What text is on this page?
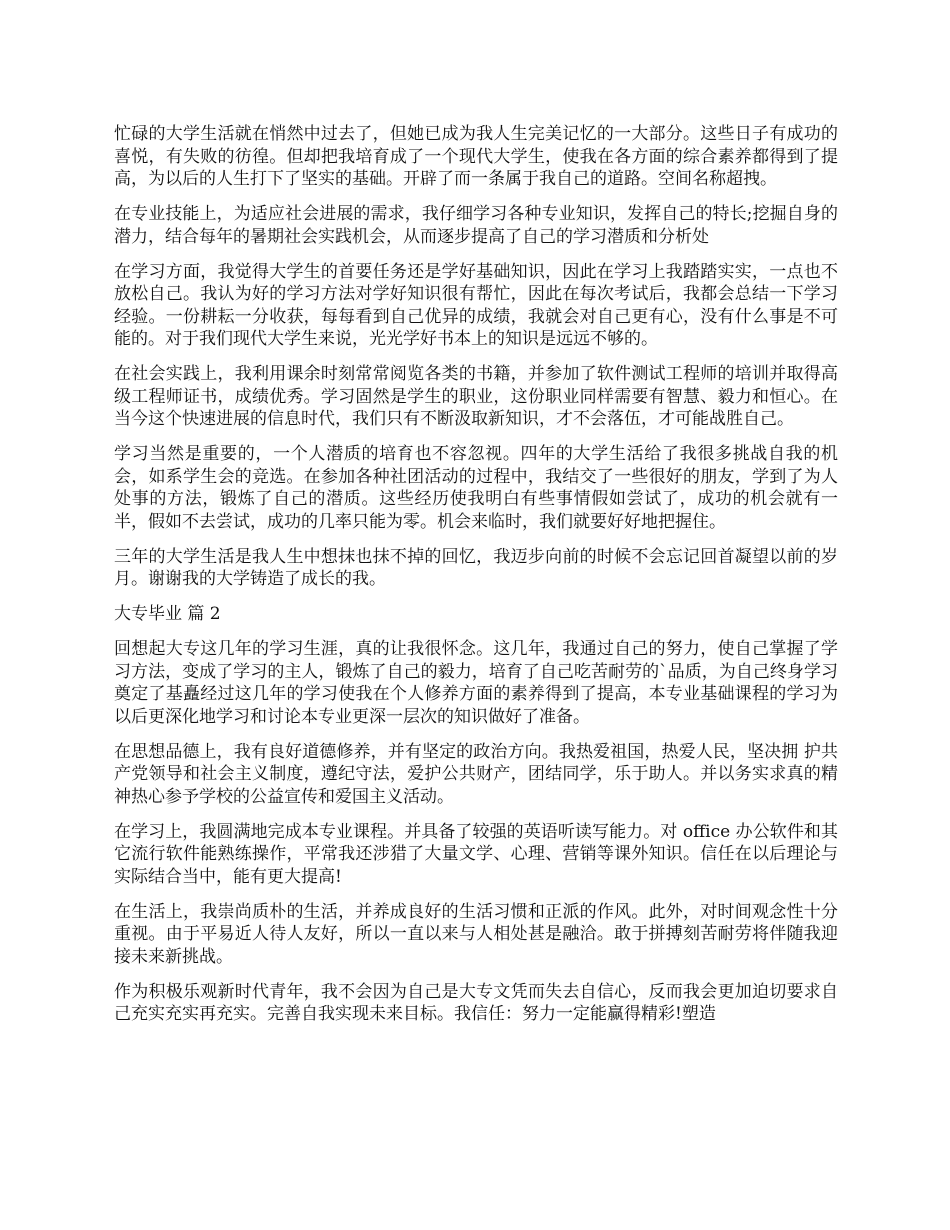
忙碌的大学生活就在悄然中过去了，但她已成为我人生完美记忆的一大部分。这些日子有成功的喜悦，有失败的彷徨。但却把我培育成了一个现代大学生，使我在各方面的综合素养都得到了提高，为以后的人生打下了坚实的基础。开辟了而一条属于我自己的道路。空间名称超拽。

在专业技能上，为适应社会进展的需求，我仔细学习各种专业知识，发挥自己的特长;挖掘自身的潜力，结合每年的暑期社会实践机会，从而逐步提高了自己的学习潜质和分析处

在学习方面，我觉得大学生的首要任务还是学好基础知识，因此在学习上我踏踏实实，一点也不放松自己。我认为好的学习方法对学好知识很有帮忙，因此在每次考试后，我都会总结一下学习经验。一份耕耘一分收获，每每看到自己优异的成绩，我就会对自己更有心，没有什么事是不可能的。对于我们现代大学生来说，光光学好书本上的知识是远远不够的。

在社会实践上，我利用课余时刻常常阅览各类的书籍，并参加了软件测试工程师的培训并取得高级工程师证书，成绩优秀。学习固然是学生的职业，这份职业同样需要有智慧、毅力和恒心。在当今这个快速进展的信息时代，我们只有不断汲取新知识，才不会落伍，才可能战胜自己。

学习当然是重要的，一个人潜质的培育也不容忽视。四年的大学生活给了我很多挑战自我的机会，如系学生会的竞选。在参加各种社团活动的过程中，我结交了一些很好的朋友，学到了为人处事的方法，锻炼了自己的潜质。这些经历使我明白有些事情假如尝试了，成功的机会就有一半，假如不去尝试，成功的几率只能为零。机会来临时，我们就要好好地把握住。

三年的大学生活是我人生中想抹也抹不掉的回忆，我迈步向前的时候不会忘记回首凝望以前的岁月。谢谢我的大学铸造了成长的我。

大专毕业 篇 2

回想起大专这几年的学习生涯，真的让我很怀念。这几年，我通过自己的努力，使自己掌握了学习方法，变成了学习的主人，锻炼了自己的毅力，培育了自己吃苦耐劳的`品质，为自己终身学习奠定了基矗经过这几年的学习使我在个人修养方面的素养得到了提高，本专业基础课程的学习为以后更深化地学习和讨论本专业更深一层次的知识做好了准备。

在思想品德上，我有良好道德修养，并有坚定的政治方向。我热爱祖国，热爱人民，坚决拥 护共产党领导和社会主义制度，遵纪守法，爱护公共财产，团结同学，乐于助人。并以务实求真的精神热心参予学校的公益宣传和爱国主义活动。

在学习上，我圆满地完成本专业课程。并具备了较强的英语听读写能力。对 office 办公软件和其它流行软件能熟练操作，平常我还涉猎了大量文学、心理、营销等课外知识。信任在以后理论与实际结合当中，能有更大提高!

在生活上，我崇尚质朴的生活，并养成良好的生活习惯和正派的作风。此外，对时间观念性十分重视。由于平易近人待人友好，所以一直以来与人相处甚是融洽。敢于拼搏刻苦耐劳将伴随我迎接未来新挑战。

作为积极乐观新时代青年，我不会因为自己是大专文凭而失去自信心，反而我会更加迫切要求自己充实充实再充实。完善自我实现未来目标。我信任：努力一定能赢得精彩!塑造
